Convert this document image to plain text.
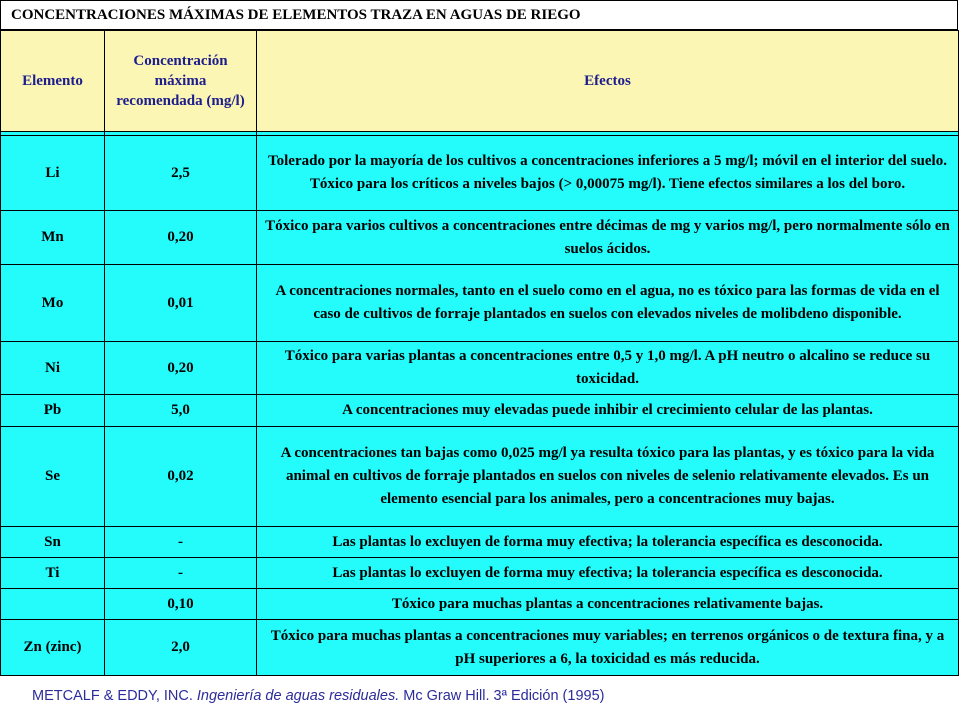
CONCENTRACIONES MÁXIMAS DE ELEMENTOS TRAZA EN AGUAS DE RIEGO
Elemento	Concentración máxima recomendada (mg/l)	Efectos

Li	2,5	Tolerado por la mayoría de los cultivos a concentraciones inferiores a 5 mg/l; móvil en el interior del suelo. Tóxico para los críticos a niveles bajos (> 0,00075 mg/l). Tiene efectos similares a los del boro.
Mn	0,20	Tóxico para varios cultivos a concentraciones entre décimas de mg y varios mg/l, pero normalmente sólo en suelos ácidos.
Mo	0,01	A concentraciones normales, tanto en el suelo como en el agua, no es tóxico para las formas de vida en el caso de cultivos de forraje plantados en suelos con elevados niveles de molibdeno disponible.
Ni	0,20	Tóxico para varias plantas a concentraciones entre 0,5 y 1,0 mg/l. A pH neutro o alcalino se reduce su toxicidad.
Pb	5,0	A concentraciones muy elevadas puede inhibir el crecimiento celular de las plantas.
Se	0,02	A concentraciones tan bajas como 0,025 mg/l ya resulta tóxico para las plantas, y es tóxico para la vida animal en cultivos de forraje plantados en suelos con niveles de selenio relativamente elevados. Es un elemento esencial para los animales, pero a concentraciones muy bajas.
Sn	-	Las plantas lo excluyen de forma muy efectiva; la tolerancia específica es desconocida.
Ti	-	Las plantas lo excluyen de forma muy efectiva; la tolerancia específica es desconocida.
	0,10	Tóxico para muchas plantas a concentraciones relativamente bajas.
Zn (zinc)	2,0	Tóxico para muchas plantas a concentraciones muy variables; en terrenos orgánicos o de textura fina, y a pH superiores a 6, la toxicidad es más reducida.
METCALF & EDDY, INC. Ingeniería de aguas residuales. Mc Graw Hill. 3ª Edición (1995)
